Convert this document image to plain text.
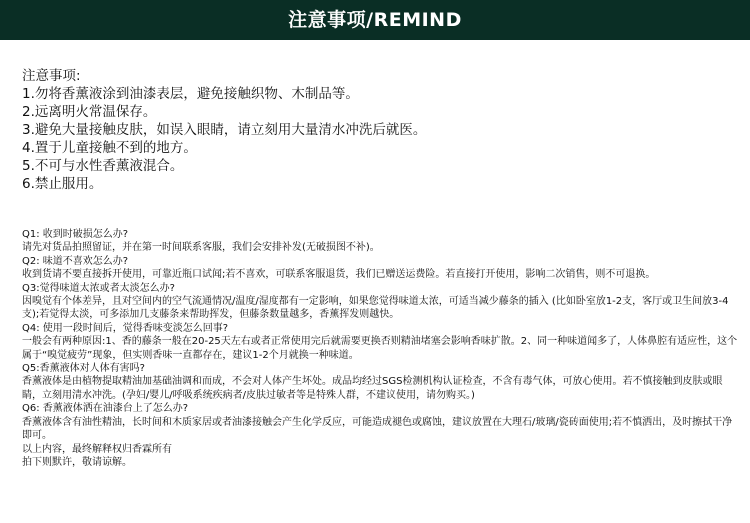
注意事项/REMIND
注意事项:
1.勿将香薰液涂到油漆表层，避免接触织物、木制品等。
2.远离明火常温保存。
3.避免大量接触皮肤，如误入眼睛，请立刻用大量清水冲洗后就医。
4.置于儿童接触不到的地方。
5.不可与水性香薰液混合。
6.禁止服用。

Q1: 收到时破损怎么办?

请先对货品拍照留证，并在第一时间联系客服，我们会安排补发(无破损图不补)。

Q2: 味道不喜欢怎么办?

收到货请不要直接拆开使用，可靠近瓶口试闻;若不喜欢，可联系客服退货，我们已赠送运费险。若直接打开使用，影响二次销售，则不可退换。

Q3:觉得味道太浓或者太淡怎么办?

因嗅觉有个体差异，且对空间内的空气流通情况/温度/湿度都有一定影响，如果您觉得味道太浓，可适当减少藤条的插入 (比如卧室放1-2支，客厅或卫生间放3-4支);若觉得太淡，可多添加几支藤条来帮助挥发，但藤条数量越多，香薰挥发则越快。

Q4: 使用一段时间后，觉得香味变淡怎么回事?

一般会有两种原因:1、香的藤条一般在20-25天左右或者正常使用完后就需要更换否则精油堵塞会影响香味扩散。2、同一种味道闻多了，人体鼻腔有适应性，这个属于“嗅觉疲劳”现象，但实则香味一直都存在，建议1-2个月就换一种味道。

Q5:香薰液体对人体有害吗?

香薰液体是由植物提取精油加基础油调和而成，不会对人体产生坏处。成品均经过SGS检测机构认证检查，不含有毒气体，可放心使用。若不慎接触到皮肤或眼睛，立刻用清水冲洗。(孕妇/婴儿/呼吸系统疾病者/皮肤过敏者等是特殊人群，不建议使用，请勿购买。)

Q6: 香薰液体洒在油漆台上了怎么办?

香薰液体含有油性精油，长时间和木质家居或者油漆接触会产生化学反应，可能造成褪色或腐蚀，建议放置在大理石/玻璃/瓷砖面使用;若不慎洒出，及时擦拭干净即可。

以上内容，最终解释权归香霖所有

拍下则默许，敬请谅解。
